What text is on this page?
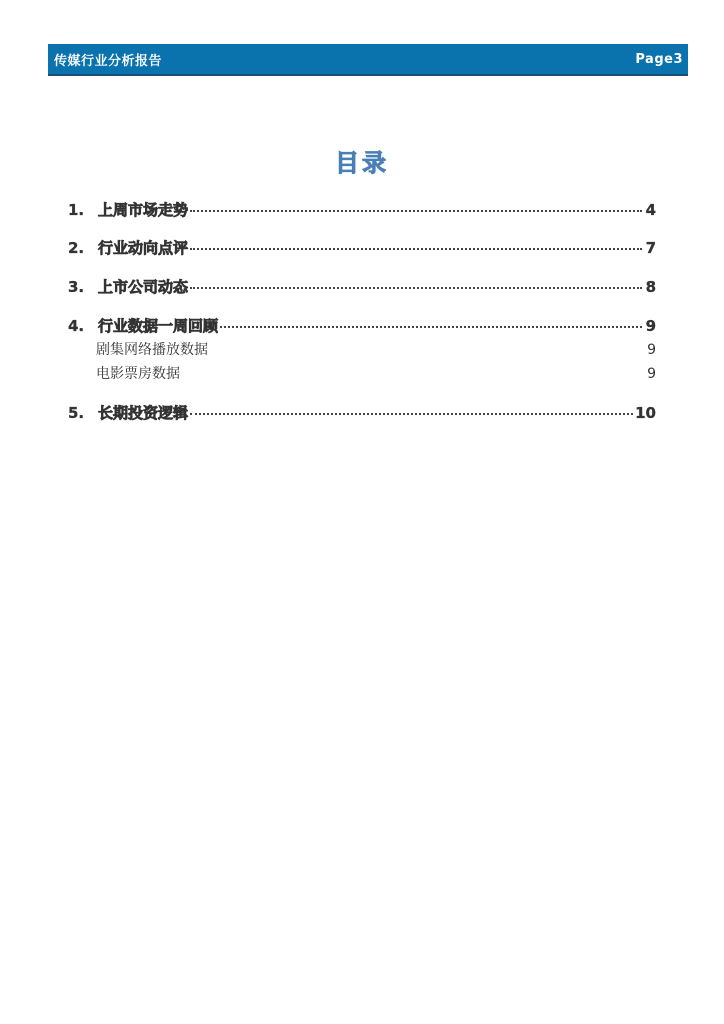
传媒行业分析报告	Page3
目录
1. 上周市场走势	4
2. 行业动向点评	7
3. 上市公司动态	8
4. 行业数据一周回顾	9
剧集网络播放数据	9
电影票房数据	9
5. 长期投资逻辑	10
